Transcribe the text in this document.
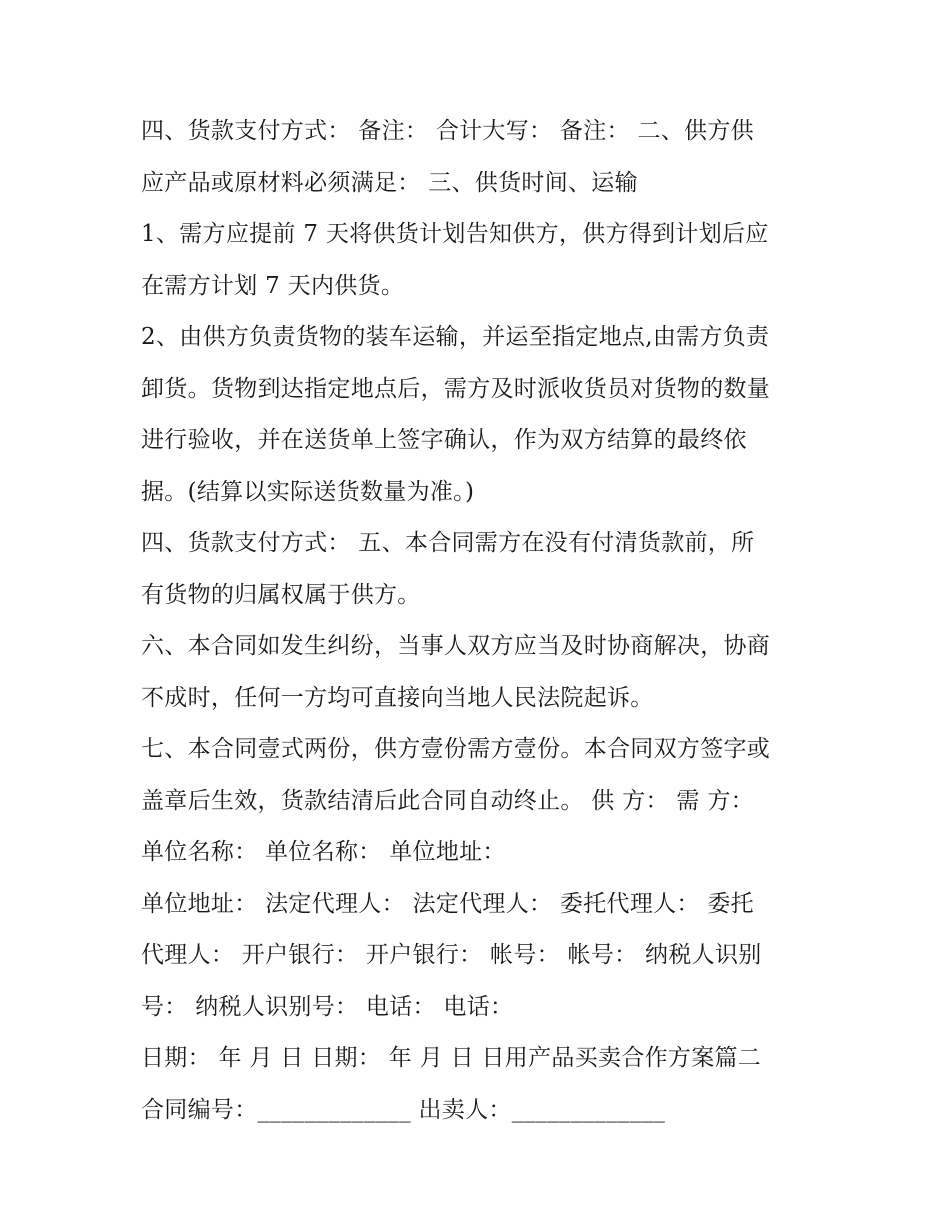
四、货款支付方式： 备注： 合计大写： 备注： 二、供方供
应产品或原材料必须满足： 三、供货时间、运输
1、需方应提前 7 天将供货计划告知供方，供方得到计划后应
在需方计划 7 天内供货。
2、由供方负责货物的装车运输，并运至指定地点,由需方负责
卸货。货物到达指定地点后，需方及时派收货员对货物的数量
进行验收，并在送货单上签字确认，作为双方结算的最终依
据。(结算以实际送货数量为准。)
四、货款支付方式： 五、本合同需方在没有付清货款前，所
有货物的归属权属于供方。
六、本合同如发生纠纷，当事人双方应当及时协商解决，协商
不成时，任何一方均可直接向当地人民法院起诉。
七、本合同壹式两份，供方壹份需方壹份。本合同双方签字或
盖章后生效，货款结清后此合同自动终止。 供 方： 需 方：
单位名称： 单位名称： 单位地址：
单位地址： 法定代理人： 法定代理人： 委托代理人： 委托
代理人： 开户银行： 开户银行： 帐号： 帐号： 纳税人识别
号： 纳税人识别号： 电话： 电话：
日期： 年 月 日 日期： 年 月 日 日用产品买卖合作方案篇二
合同编号：_____________ 出卖人：_____________
